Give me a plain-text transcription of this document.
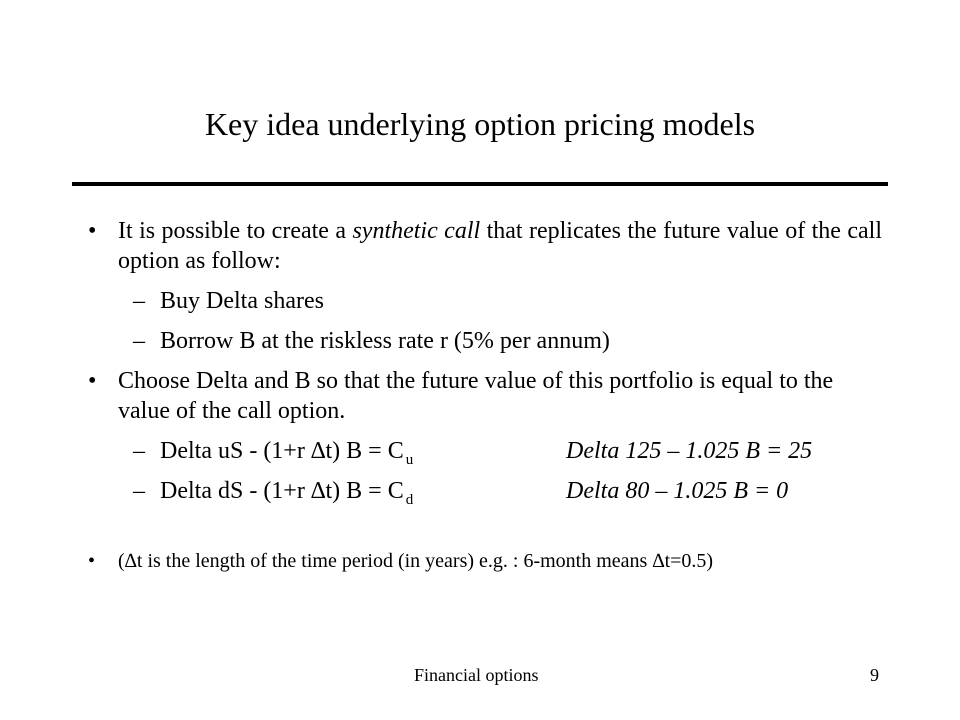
Key idea underlying option pricing models
• It is possible to create a synthetic call that replicates the future value of the call option as follow:
– Buy Delta shares
– Borrow B at the riskless rate r (5% per annum)
• Choose Delta and B so that the future value of this portfolio is equal to the value of the call option.
– Delta uS - (1+r ∆t) B = C $_u$	Delta 125 – 1.025 B = 25
– Delta dS - (1+r ∆t) B = C $_d$	Delta 80 – 1.025 B = 0
• (∆t is the length of the time period (in years) e.g. : 6-month means ∆t=0.5)
Financial options	9
